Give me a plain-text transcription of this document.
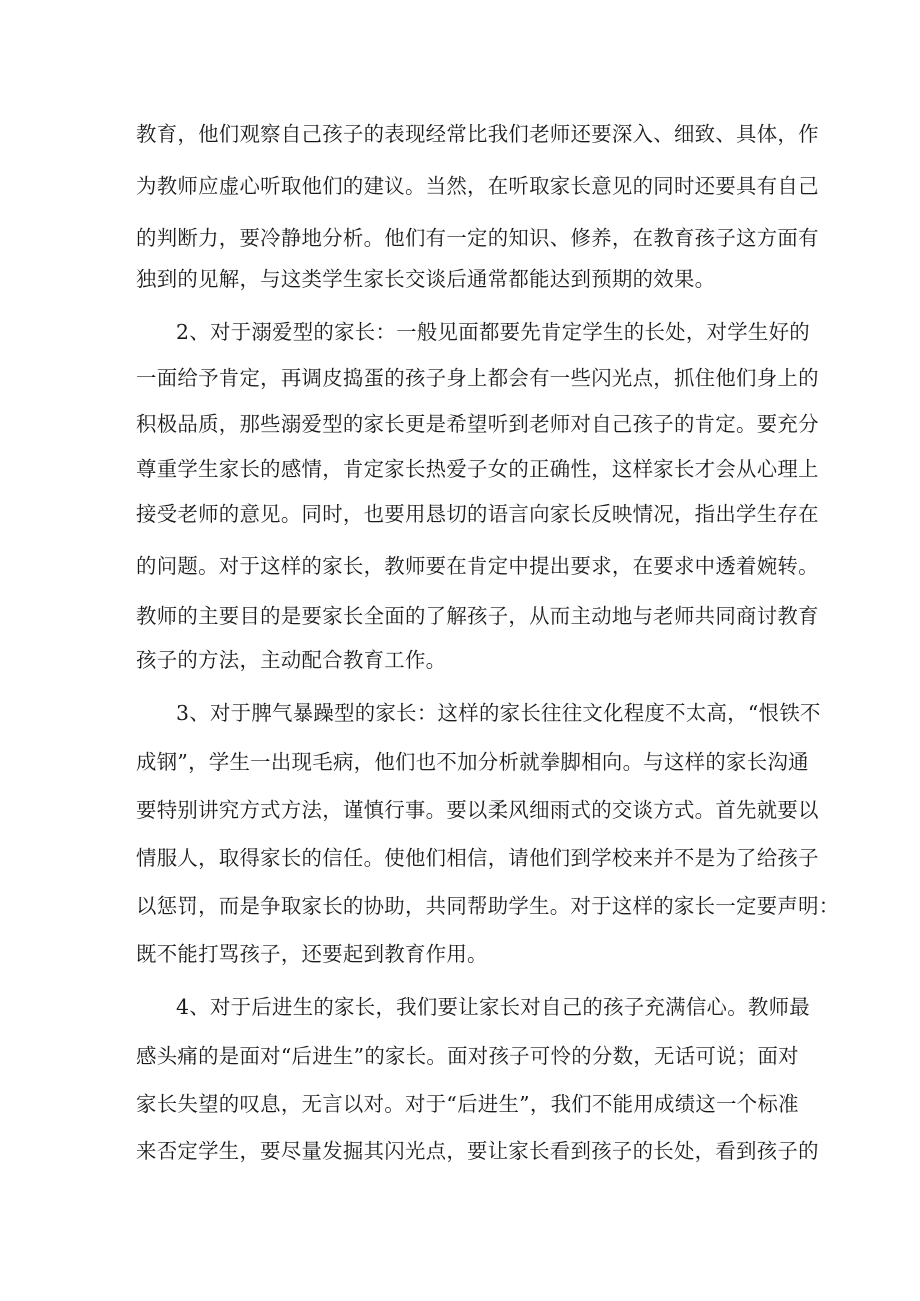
教育，他们观察自己孩子的表现经常比我们老师还要深入、细致、具体，作
为教师应虚心听取他们的建议。当然，在听取家长意见的同时还要具有自己
的判断力，要冷静地分析。他们有一定的知识、修养，在教育孩子这方面有
独到的见解，与这类学生家长交谈后通常都能达到预期的效果。
2、对于溺爱型的家长：一般见面都要先肯定学生的长处，对学生好的
一面给予肯定，再调皮捣蛋的孩子身上都会有一些闪光点，抓住他们身上的
积极品质，那些溺爱型的家长更是希望听到老师对自己孩子的肯定。要充分
尊重学生家长的感情，肯定家长热爱子女的正确性，这样家长才会从心理上
接受老师的意见。同时，也要用恳切的语言向家长反映情况，指出学生存在
的问题。对于这样的家长，教师要在肯定中提出要求，在要求中透着婉转。
教师的主要目的是要家长全面的了解孩子，从而主动地与老师共同商讨教育
孩子的方法，主动配合教育工作。
3、对于脾气暴躁型的家长：这样的家长往往文化程度不太高，“恨铁不
成钢”，学生一出现毛病，他们也不加分析就拳脚相向。与这样的家长沟通
要特别讲究方式方法，谨慎行事。要以柔风细雨式的交谈方式。首先就要以
情服人，取得家长的信任。使他们相信，请他们到学校来并不是为了给孩子
以惩罚，而是争取家长的协助，共同帮助学生。对于这样的家长一定要声明：
既不能打骂孩子，还要起到教育作用。
4、对于后进生的家长，我们要让家长对自己的孩子充满信心。教师最
感头痛的是面对“后进生”的家长。面对孩子可怜的分数，无话可说；面对
家长失望的叹息，无言以对。对于“后进生”，我们不能用成绩这一个标准
来否定学生，要尽量发掘其闪光点，要让家长看到孩子的长处，看到孩子的
